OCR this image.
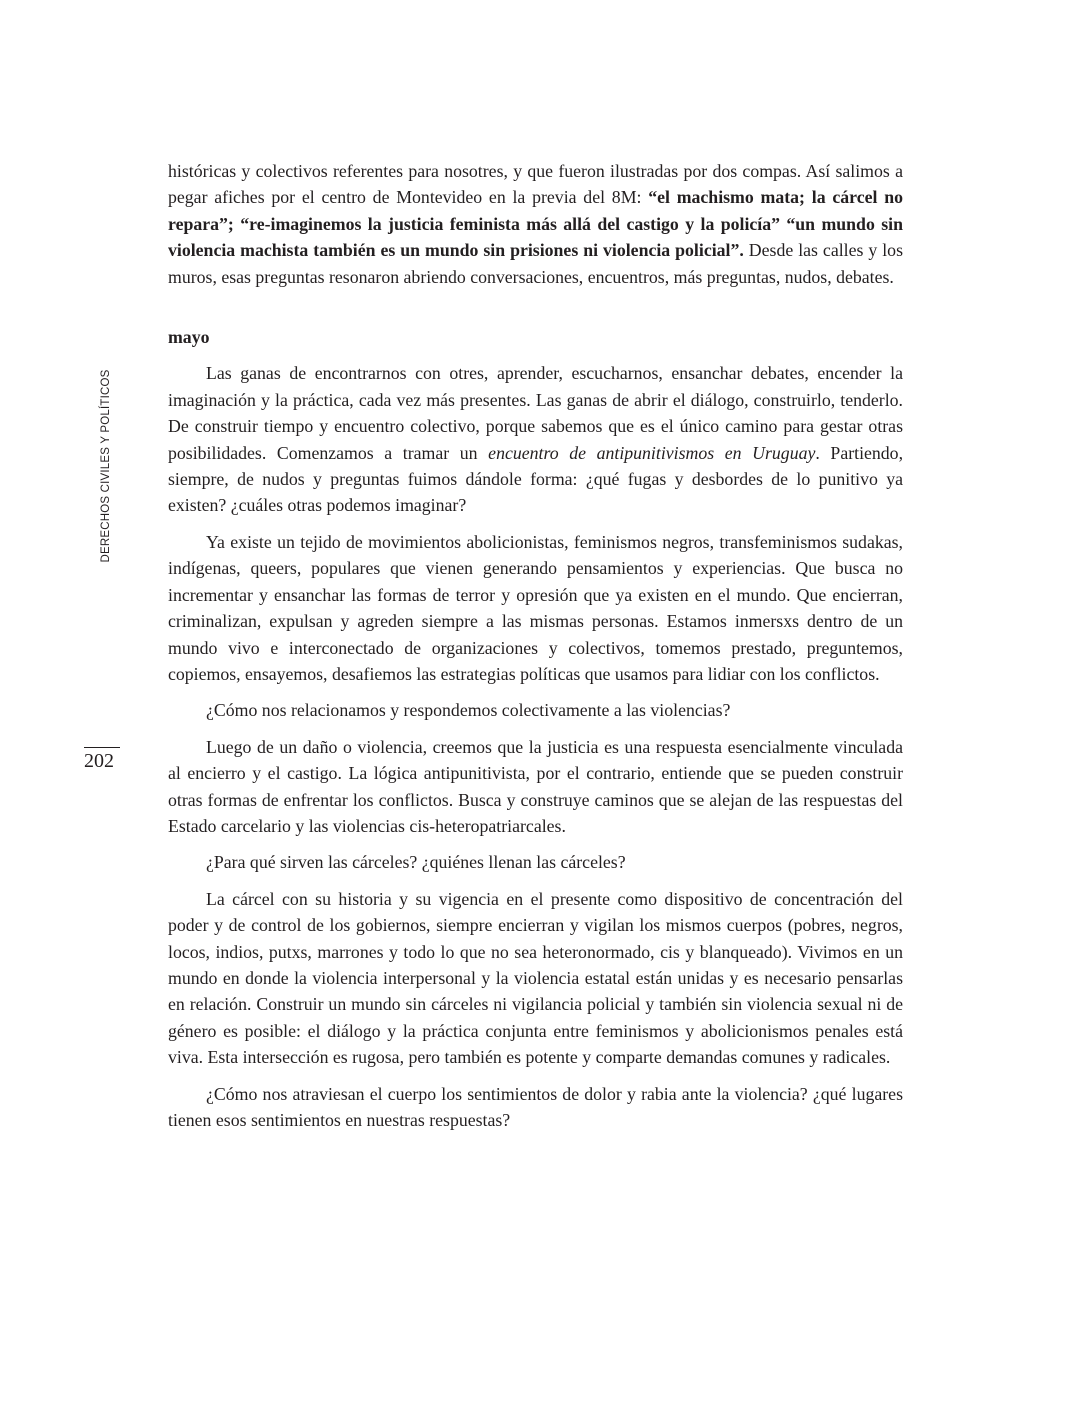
DERECHOS CIVILES Y POLÍTICOS
202

históricas y colectivos referentes para nosotres, y que fueron ilustradas por dos compas. Así salimos a pegar afiches por el centro de Montevideo en la previa del 8M: “el machismo mata; la cárcel no repara”; “re-imaginemos la justicia feminista más allá del castigo y la policía” “un mundo sin violencia machista también es un mundo sin prisiones ni violencia policial”. Desde las calles y los muros, esas preguntas resonaron abriendo conversaciones, encuentros, más preguntas, nudos, debates.

mayo

Las ganas de encontrarnos con otres, aprender, escucharnos, ensanchar debates, encender la imaginación y la práctica, cada vez más presentes. Las ganas de abrir el diálogo, construirlo, tenderlo. De construir tiempo y encuentro colectivo, porque sabemos que es el único camino para gestar otras posibilidades. Comenzamos a tramar un encuentro de antipunitivismos en Uruguay. Partiendo, siempre, de nudos y preguntas fuimos dándole forma: ¿qué fugas y desbordes de lo punitivo ya existen? ¿cuáles otras podemos imaginar?

Ya existe un tejido de movimientos abolicionistas, feminismos negros, transfeminismos sudakas, indígenas, queers, populares que vienen generando pensamientos y experiencias. Que busca no incrementar y ensanchar las formas de terror y opresión que ya existen en el mundo. Que encierran, criminalizan, expulsan y agreden siempre a las mismas personas. Estamos inmersxs dentro de un mundo vivo e interconectado de organizaciones y colectivos, tomemos prestado, preguntemos, copiemos, ensayemos, desafiemos las estrategias políticas que usamos para lidiar con los conflictos.

¿Cómo nos relacionamos y respondemos colectivamente a las violencias?

Luego de un daño o violencia, creemos que la justicia es una respuesta esencialmente vinculada al encierro y el castigo. La lógica antipunitivista, por el contrario, entiende que se pueden construir otras formas de enfrentar los conflictos. Busca y construye caminos que se alejan de las respuestas del Estado carcelario y las violencias cis-heteropatriarcales.

¿Para qué sirven las cárceles? ¿quiénes llenan las cárceles?

La cárcel con su historia y su vigencia en el presente como dispositivo de concentración del poder y de control de los gobiernos, siempre encierran y vigilan los mismos cuerpos (pobres, negros, locos, indios, putxs, marrones y todo lo que no sea heteronormado, cis y blanqueado). Vivimos en un mundo en donde la violencia interpersonal y la violencia estatal están unidas y es necesario pensarlas en relación. Construir un mundo sin cárceles ni vigilancia policial y también sin violencia sexual ni de género es posible: el diálogo y la práctica conjunta entre feminismos y abolicionismos penales está viva. Esta intersección es rugosa, pero también es potente y comparte demandas comunes y radicales.

¿Cómo nos atraviesan el cuerpo los sentimientos de dolor y rabia ante la violencia? ¿qué lugares tienen esos sentimientos en nuestras respuestas?
